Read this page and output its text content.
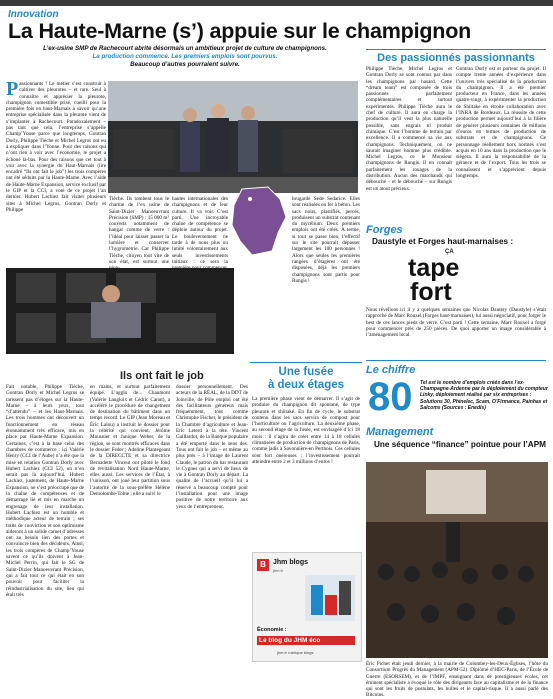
Innovation
La Haute-Marne (s’) appuie sur le champignon
L’ex-usine SMP de Rachecourt abrite désormais un ambitieux projet de culture de champignons.
La production commence. Les premiers emplois sont pourvus.
Beaucoup d’autres pourraient suivre.
Passionnants ! Le métier s’est construit à cultiver des pleurotes – et rare. Seul à connaître et apprécier la pleurote, champignon comestible prisé, cueilli pour la première fois en haut-Marnais à savoir qu’une entreprise spécialisée dans la pleurote vient de s’implanter à Rachecourt. Paradoxalement – pas tant que cela, l’entreprise s’appelle Champ’Youse parce que longtemps, Gontran Dorly, Philippe Tièche et Michel Legros ont eu à expliquer dans l’Yonne. Pour des raisons qui n’ont rien à voir avec l’économie, le projet a échoué là-bas. Pour des raisons que cet tout à voir avec la synergie du Haut-Marnais (lire encadré “Ils ont fait le job”) les trois compères ont été séduits par la Haute-Marne. Avec l’aide de Haute-Marne Expansion, service exclusif par le GIP et la CCI, a voté de ce projet l’an dernier. Hubert Lachiez fait visiter plusieurs sites à Michel Legros, Gontran Dorly et Philippe
Tièche. Ils tombent tous le charme de l’ex usine de Saint-Dizier Manoeuvrant Précision (SMP) : 15 000 m² couverts notamment de hangar comme de verre : l’idéal pour laisser passer la lumière et conserver l’hygrométrie. Car Philippe Tièche, citoyen tout vite de son état, est surtout une
hautes internationales des champignons et de leur culture. Il va voir. C’est parti. Une incroyable chaîne de compétence se déploie autour du projet. Le bouleversement ne tarde à de nous plus ou limité volontairement aux seuls investissements initiaux : ce sera la
brugarde Sede Sedarice. Elles sont réalisées en fer à béton. Les sacs noirs, plastifiés, percés, produisent un substrat contenant du mycélium. Deux premiers emplois ont été créés. À terme, si tout se passe bien, l’effectif sur le site pourrait dépasser largement les 100 personnes ! Alors que seules les premières rangées d’étagères ont été disposées, déjà les premiers champignons sont partis pour Rungis !
Des passionnés passionnants
Philippe Tièche, Michel Legros et Gontran Dorly se sont connus par dans les champignons par hasard. Cette “dream team” est composée de trois passionnés parfaitement complémentaires et surtout expérimentés. Philippe Tièche aura le chef de culture. Il aura en charge la production qu’il veut la plus naturelle possible, sans engrais ni produit chimique. C’est l’homme de terrain par excellence. Il a commencé sa vie aux champignons. Techniquement, on ne saurait imaginer homme plus crédible. Michel Legros, ce le Monsieur champignons de Rungis. Il en connaît parfaitement les rouages de la distribution. Aucun des marchands qui débouché – et le débouché – sur Rungis est un atout précieux.
Gontran Dorly est et porteur du projet. Il compte trente années d’expérience dans l’univers très spécialisé de la production du champignon. Il a été premier producteur en France, dans les années quatre-vingt, à expérimenter la production de Shiitake en étroite collaboration avec l’INRA de Bordeaux. La réussite de cette production permet aujourd’hui à la filière de générer plusieurs centaines de millions d’euros en termes de production de substrats et de champignons. Ce personnage réellement hors normes s’est acquis en 10 ans dans la production que le siègera. Il aura la responsabilité de la gérance et de l’export. Tous les trois se connaissent et s’apprécient depuis longtemps.
Forges
Daustyle et Forges haut-marnaises :
ÇA
tape
fort
Nous révélions ici il y a quelques semaines que Nicolas Dautery (Daustyle) s’était rapproché de Marc Rouxel (Forges haut-marnaises), lui aussi négociatif, pour forger le best de ces lances pieds de verre. C’est parti ! Cette semaine, Marc Rouxel a forgé pour commencer près de 250 pièces. De quoi apporter un image considérable à l’aménagement local.
Le chiffre
80 Tel est le nombre d’emplois créés dans l’ex-Champagne-Ardenne par le déploiement du compteur Linky, déploiement réalisé par six entreprises : Solutions 30, Phinelec, Scam, O’Firmance, Painhas et Salcoms (Sources : Enedis)
Management
Une séquence “finance” pointue pour l’APM
Éric Pichet était jeudi dernier, à la mairie de Colombey-les-Deux-Églises, l’hôte du Consortium Progrès du Management (APM-52). Diplômé d’HEC-Paris, de l’École de Guerre (ESORSEM), et de l’IMPF, enseignant dans de prestigieuses écoles, cet éminent spécialiste a évoqué le rôle des dirigeants face au capitalisme et de la finance qui sont les fruits de postulats, les bulles et le capital-risque. Il a aussi parlé des Bitcoins.
Ils ont fait le job
Fait notable, Philippe Tièche, Gontran Dorly et Michel Legros se tarissent pas d’éloges sur la Haute-Marne – à leurs yeux, tout “d’attendu” – et les Haut-Marnais. Les trois hommes ont découvert un fonctionnement en réseau étonnamment très efficace, mis en place par Haute-Marne Expansion. Certaines, c’est à la base celui des chambres de commerce : ici Valérie Henry (CCI de l’Aube) n’a été que la mise en relation Gontran Dorly avec Hubert Lachiez (CCI 52), un n’en serait pas là aujourd’hui. Hubert Lachiez, justement, de Haute-Marne Expansion, ne s’est préoccupé que de la chaîne de compétences et de démarrage lié et mis en marche un engrenage de leur installation. Hubert Lachiez est un humble et méthodique acteur de terrain ; ses traits de conviction et son optimisme aideront à un solide carnet d’adresses ont au besoin lien des portes et convaincre bien des décideurs. Ainsi, les trois compères de Champ’Youse savent ce qu’ils doivent à Jean-Michel Perrin, qui fait le SG de Saint-Dizier Manoeuvrant Précision, qui a fait tout ce qui était en son pouvoir pour faciliter la réindustrialisation du site, lieu qui était très
en mains, et surtout parfaitement équipé. L’agglo de... Chaumont (Valérie Laugloix et Cédric Canut), a accéléré le procédure de changement de destination du bâtiment dans un temps record. Le GIP (Jean Moreau et Éric Lalou) a instruit le dossier pour la célérité qui convient. Jérôme Mousnier et Janique Weber, de la région, se sont montrés efficaces dans le dossier Feder ; Adeline Plantegeant de la DIRECCTE et sa directrice Bernadette Vinceut ont piloté le fond de revitalisation Nord Haute-Marne, elles aussi. Les services de l’État, à l’unisson, ont joué leur partition sous l’autorité de la sous-préfète Hélène Demolombe-Tobie ; elle a suivi le
dossier personnellement. Des acteurs de la RÉAL, de la DDT de Joinville, de Pôle emploi ont été des facilitateurs généreux mais fréquemment, tout comme Christophe Fischer, le président de la Chambre d’agriculture et Jean-Eric Leterd à la tête. Vincent Gaillardot, de la Banque populaire a été emporté dans le sens des. Tous ont fait le job – et même au plus près – à l’image de Laurent Claude, le patron du bar restaurant le Cygnes qui a servi de lieux de vie à Gontran Dorly au départ. La qualité de l’accueil qu’il lui a réservé a beaucoup compté pour l’installation pour une image positive de notre territoire aux yeux de l’entrepreneur.
Une fusée
à deux étages
La première phase vient de démarrer. Il s’agit de produire du champignon dit spontané, de type pleurote et shiitaké. En fin de cycle, le substrat contenu dans les sacs servira de compost pour l’horticulture ou l’agriculture. La deuxième phase, au second étage de la fusée, est envisagée d’ici 18 mois : il s’agira de créer entre 14 à 18 cellules climatisées de production de champignons de Paris, comme jadis à Savonnière-en Perthois. Ces cellules sont fort onéreuses ; l’investissement pourrait atteindre entre 2 et 3 millions d’euros !
B	Jhm blogs
jhm.fr
Économie :
Le blog du JHM éco
jhm.fr rubrique blogs
